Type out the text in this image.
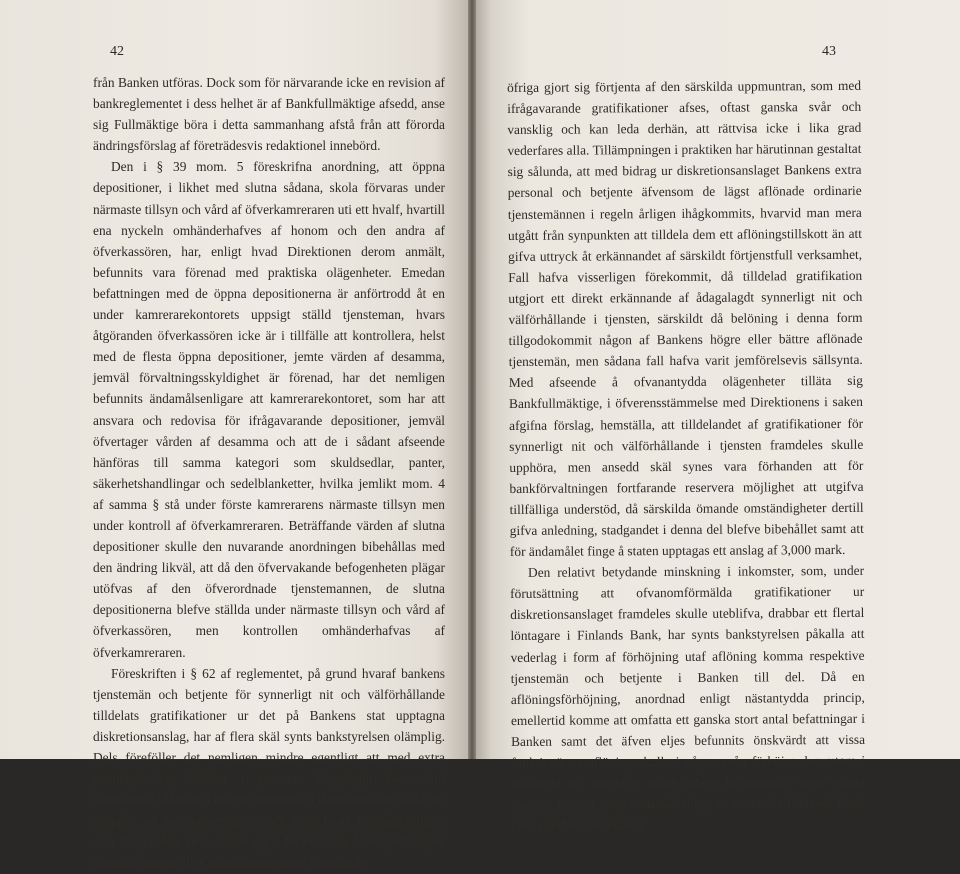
42

från Banken utföras. Dock som för närvarande icke en revision af bankreglementet i dess helhet är af Bankfullmäktige afsedd, anse sig Fullmäktige böra i detta sammanhang afstå från att förorda ändringsförslag af företrädesvis redaktionel innebörd.

Den i § 39 mom. 5 föreskrifna anordning, att öppna depositioner, i likhet med slutna sådana, skola förvaras under närmaste tillsyn och vård af öfverkamreraren uti ett hvalf, hvartill ena nyckeln omhänderhafves af honom och den andra af öfverkassören, har, enligt hvad Direktionen derom anmält, befunnits vara förenad med praktiska olägenheter. Emedan befattningen med de öppna depositionerna är anförtrodd åt en under kamrerarekontorets uppsigt ställd tjensteman, hvars åtgöranden öfverkassören icke är i tillfälle att kontrollera, helst med de flesta öppna depositioner, jemte värden af desamma, jemväl förvaltningsskyldighet är förenad, har det nemligen befunnits ändamålsenligare att kamrerarekontoret, som har att ansvara och redovisa för ifrågavarande depositioner, jemväl öfvertager vården af desamma och att de i sådant afseende hänföras till samma kategori som skuldsedlar, panter, säkerhetshandlingar och sedelblanketter, hvilka jemlikt mom. 4 af samma § stå under förste kamrerarens närmaste tillsyn men under kontroll af öfverkamreraren. Beträffande värden af slutna depositioner skulle den nuvarande anordningen bibehållas med den ändring likväl, att då den öfvervakande befogenheten plägar utöfvas af den öfverordnade tjenstemannen, de slutna depositionerna blefve ställda under närmaste tillsyn och vård af öfverkassören, men kontrollen omhänderhafvas af öfverkamreraren.

Föreskriften i § 62 af reglementet, på grund hvaraf bankens tjenstemän och betjente för synnerligt nit och välförhållande tilldelats gratifikationer ur det på Bankens stat upptagna diskretionsanslag, har af flera skäl synts bankstyrelsen olämplig. Dels föreföller det nemligen mindre egentligt att med extra penningebidrag belöna i tjensten ådagalagdt berömvärd verksamhet, då man å hvarje funktionär i Banken måste ställa det anspråk, att han samvetsgrant och efter bästa förmåga fullgör sina åligganden, dels ställer sig i det enskilda fallet pröfningen huruvida någon eller några funktionärer framför de

43

öfriga gjort sig förtjenta af den särskilda uppmuntran, som med ifrågavarande gratifikationer afses, oftast ganska svår och vansklig och kan leda derhän, att rättvisa icke i lika grad vederfares alla. Tillämpningen i praktiken har härutinnan gestaltat sig sålunda, att med bidrag ur diskretionsanslaget Bankens extra personal och betjente äfvensom de lägst aflönade ordinarie tjenstemännen i regeln årligen ihågkommits, hvarvid man mera utgått från synpunkten att tilldela dem ett aflöningstillskott än att gifva uttryck åt erkännandet af särskildt förtjenstfull verksamhet, Fall hafva visserligen förekommit, då tilldelad gratifikation utgjort ett direkt erkännande af ådagalagdt synnerligt nit och välförhållande i tjensten, särskildt då belöning i denna form tillgodokommit någon af Bankens högre eller bättre aflönade tjenstemän, men sådana fall hafva varit jemförelsevis sällsynta. Med afseende å ofvanantydda olägenheter tilläta sig Bankfullmäktige, i öfverensstämmelse med Direktionens i saken afgifna förslag, hemställa, att tilldelandet af gratifikationer för synnerligt nit och välförhållande i tjensten framdeles skulle upphöra, men ansedd skäl synes vara förhanden att för bankförvaltningen fortfarande reservera möjlighet att utgifva tillfälliga understöd, då särskilda ömande omständigheter dertill gifva anledning, stadgandet i denna del blefve bibehållet samt att för ändamålet finge å staten upptagas ett anslag af 3,000 mark.

Den relativt betydande minskning i inkomster, som, under förutsättning att ofvanomförmälda gratifikationer ur diskretionsanslaget framdeles skulle uteblifva, drabbar ett flertal löntagare i Finlands Bank, har synts bankstyrelsen påkalla att vederlag i form af förhöjning utaf aflöning komma respektive tjenstemän och betjente i Banken till del. Då en aflöningsförhöjning, anordnad enligt nästantydda princip, emellertid komme att omfatta ett ganska stort antal befattningar i Banken samt det äfven eljes befunnits önskvärdt att vissa funktionärers aflöning skulle i någon mån förhöjas, hvarutom i anseende till ansenligt ökadt arbete befattningar torde måsta inrättas, har det synts ändamålsenligt att staten för Finlands Bank i dess helhet underkastas
